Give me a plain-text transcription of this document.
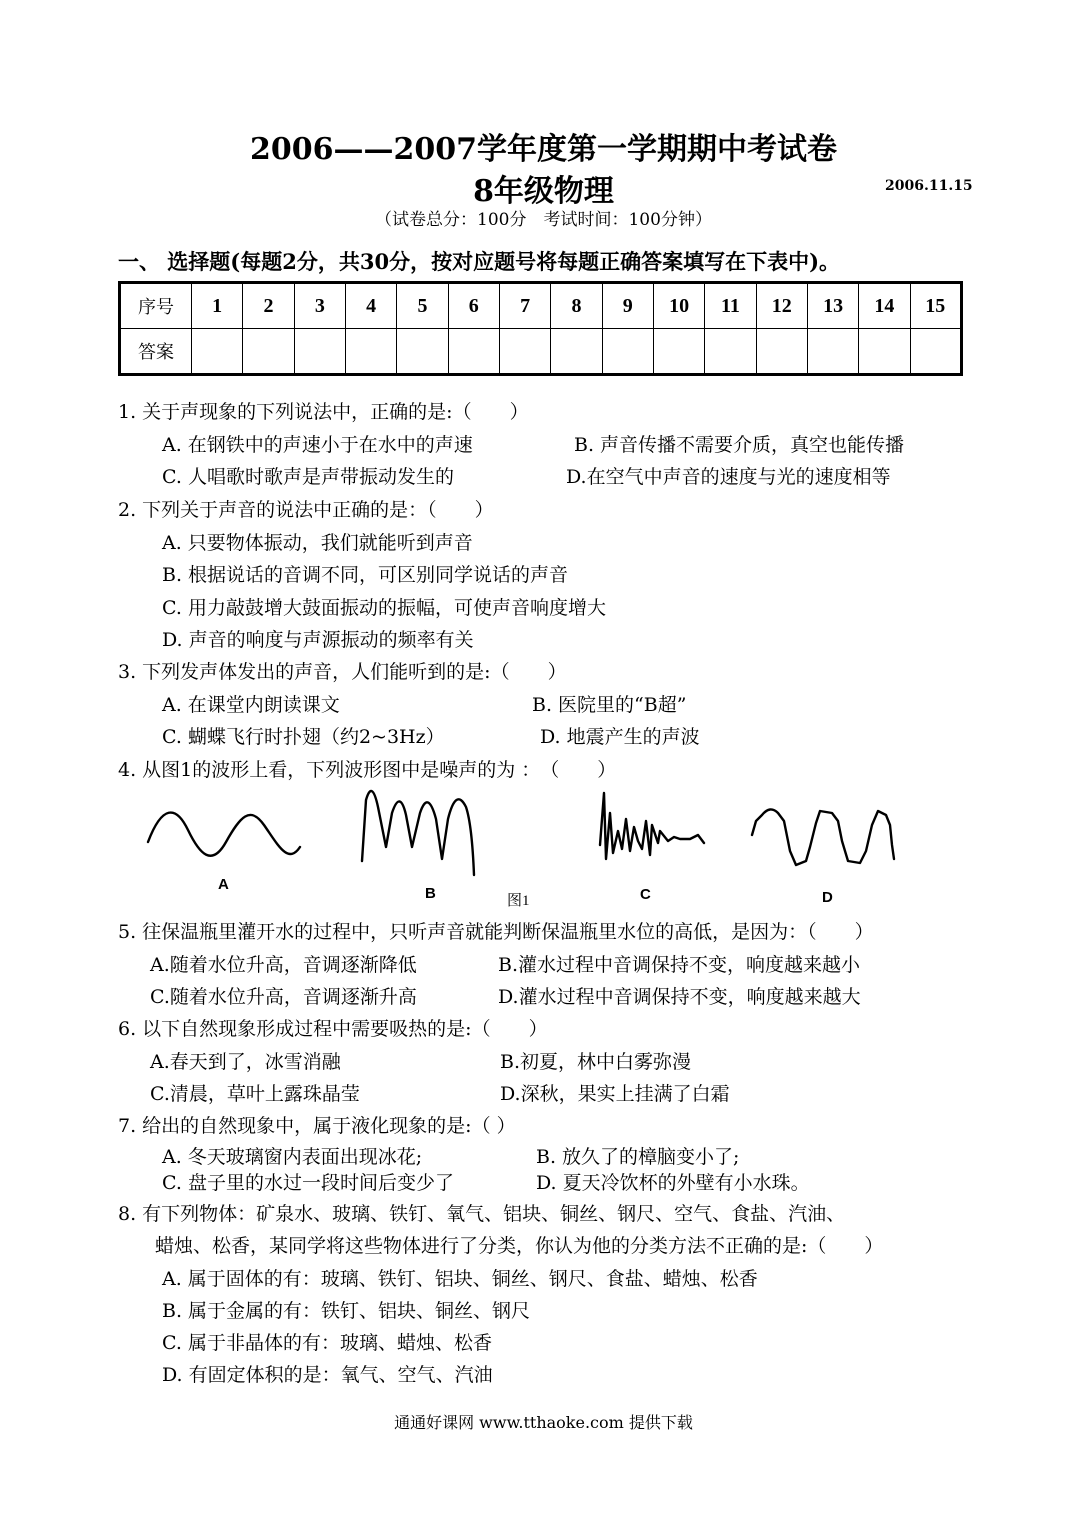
2006——2007学年度第一学期期中考试卷
8年级物理	2006.11.15
（试卷总分：100分　考试时间：100分钟）
一、 选择题(每题2分，共30分，按对应题号将每题正确答案填写在下表中)。
序号	1	2	3	4	5	6	7	8	9	10	11	12	13	14	15
答案															
1. 关于声现象的下列说法中，正确的是:（　　）
A. 在钢铁中的声速小于在水中的声速	B. 声音传播不需要介质，真空也能传播
C. 人唱歌时歌声是声带振动发生的	D.在空气中声音的速度与光的速度相等
2. 下列关于声音的说法中正确的是：（　　）
A. 只要物体振动，我们就能听到声音
B. 根据说话的音调不同，可区别同学说话的声音
C. 用力敲鼓增大鼓面振动的振幅，可使声音响度增大
D. 声音的响度与声源振动的频率有关
3. 下列发声体发出的声音，人们能听到的是:（　　）
A. 在课堂内朗读课文	B. 医院里的“B超”
C. 蝴蝶飞行时扑翅（约2~3Hz）	D. 地震产生的声波
4. 从图1的波形上看，下列波形图中是噪声的为 ：　（　　）
A
B	图1	C	D
5. 往保温瓶里灌开水的过程中，只听声音就能判断保温瓶里水位的高低，是因为：（　　）
A.随着水位升高，音调逐渐降低	B.灌水过程中音调保持不变，响度越来越小
C.随着水位升高，音调逐渐升高	D.灌水过程中音调保持不变，响度越来越大
6. 以下自然现象形成过程中需要吸热的是:（　　）
A.春天到了，冰雪消融	B.初夏，林中白雾弥漫
C.清晨，草叶上露珠晶莹	D.深秋，果实上挂满了白霜
7. 给出的自然现象中，属于液化现象的是:（ ）
A. 冬天玻璃窗内表面出现冰花;	B. 放久了的樟脑变小了;
C. 盘子里的水过一段时间后变少了	D. 夏天冷饮杯的外壁有小水珠。
8. 有下列物体：矿泉水、玻璃、铁钉、氧气、铝块、铜丝、钢尺、空气、食盐、汽油、
蜡烛、松香，某同学将这些物体进行了分类，你认为他的分类方法不正确的是:（　　）
A. 属于固体的有：玻璃、铁钉、铝块、铜丝、钢尺、食盐、蜡烛、松香
B. 属于金属的有：铁钉、铝块、铜丝、钢尺
C. 属于非晶体的有：玻璃、蜡烛、松香
D. 有固定体积的是：氧气、空气、汽油
通通好课网 www.tthaoke.com 提供下载
